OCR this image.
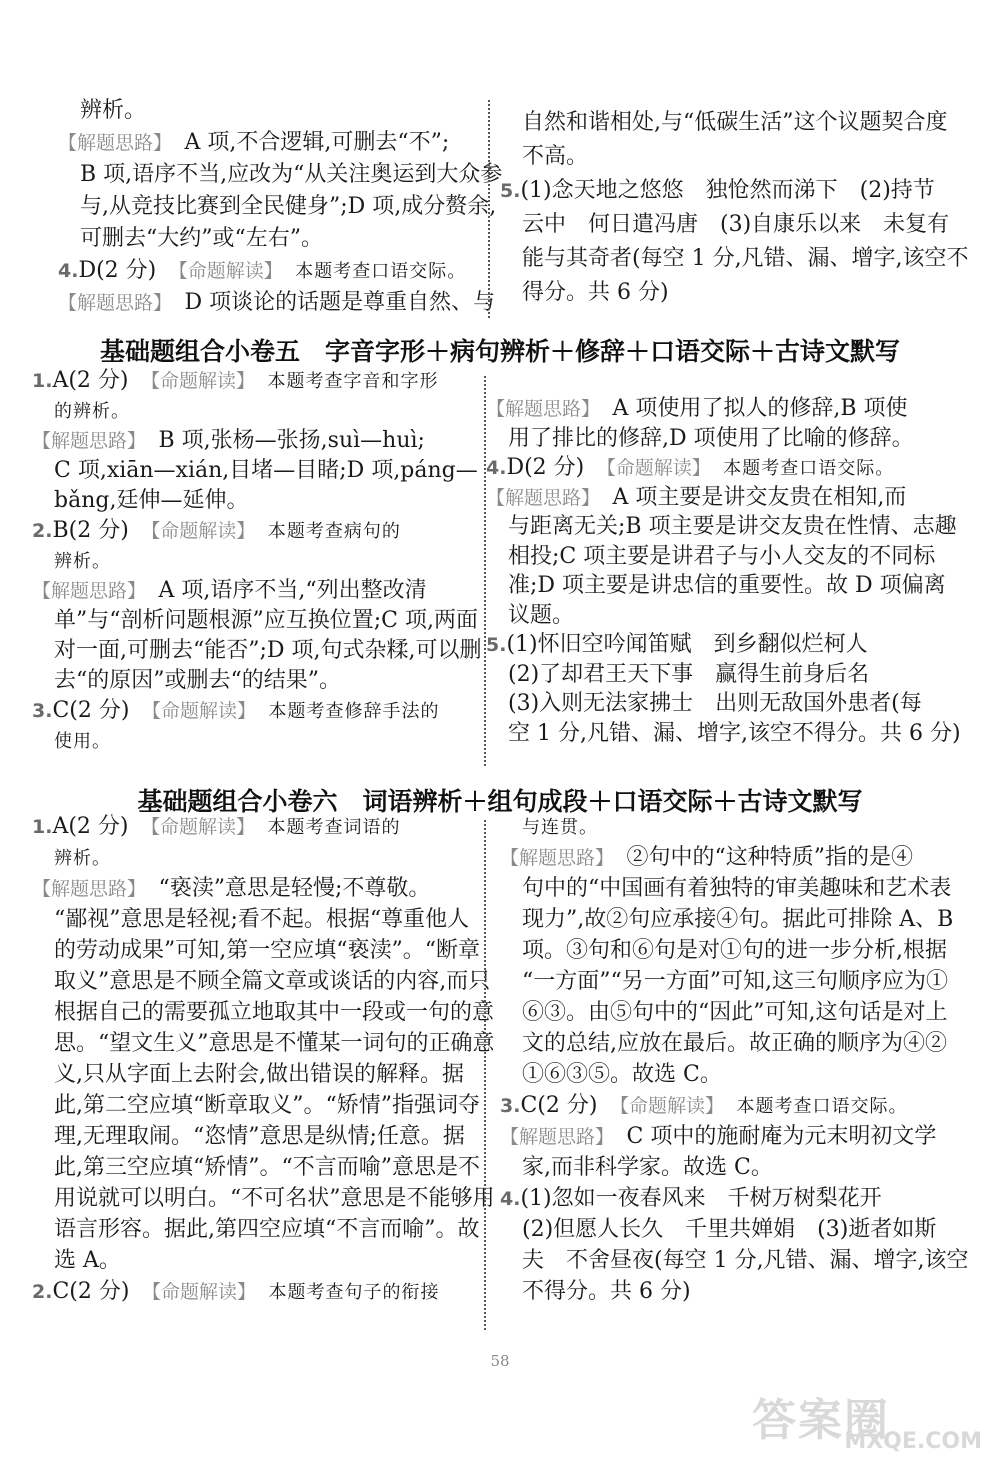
辨析。
【解题思路】　A 项,不合逻辑,可删去“不”;
B 项,语序不当,应改为“从关注奥运到大众参
与,从竞技比赛到全民健身”;D 项,成分赘余,
可删去“大约”或“左右”。
4.D(2 分)　 【命题解读】　 本题考查口语交际。
【解题思路】　D 项谈论的话题是尊重自然、与
自然和谐相处,与“低碳生活”这个议题契合度
不高。
5.(1)念天地之悠悠　独怆然而涕下　(2)持节
云中　何日遣冯唐　(3)自康乐以来　未复有
能与其奇者(每空 1 分,凡错、漏、增字,该空不
得分。共 6 分)
基础题组合小卷五　字音字形＋病句辨析＋修辞＋口语交际＋古诗文默写
1.A(2 分)　 【命题解读】　 本题考查字音和字形
的辨析。
【解题思路】　B 项,张杨—张扬,suì—huì;
C 项,xiān—xián,目堵—目睹;D 项,páng—
bǎng,廷伸—延伸。
2.B(2 分)　 【命题解读】　 本题考查病句的
辨析。
【解题思路】　A 项,语序不当,“列出整改清
单”与“剖析问题根源”应互换位置;C 项,两面
对一面,可删去“能否”;D 项,句式杂糅,可以删
去“的原因”或删去“的结果”。
3.C(2 分)　 【命题解读】　 本题考查修辞手法的
使用。
【解题思路】　A 项使用了拟人的修辞,B 项使
用了排比的修辞,D 项使用了比喻的修辞。
4.D(2 分)　 【命题解读】　 本题考查口语交际。
【解题思路】　A 项主要是讲交友贵在相知,而
与距离无关;B 项主要是讲交友贵在性情、志趣
相投;C 项主要是讲君子与小人交友的不同标
准;D 项主要是讲忠信的重要性。故 D 项偏离
议题。
5.(1)怀旧空吟闻笛赋　到乡翻似烂柯人
(2)了却君王天下事　赢得生前身后名
(3)入则无法家拂士　出则无敌国外患者(每
空 1 分,凡错、漏、增字,该空不得分。共 6 分)
基础题组合小卷六　词语辨析＋组句成段＋口语交际＋古诗文默写
1.A(2 分)　 【命题解读】　 本题考查词语的
辨析。
【解题思路】　“亵渎”意思是轻慢;不尊敬。
“鄙视”意思是轻视;看不起。根据“尊重他人
的劳动成果”可知,第一空应填“亵渎”。“断章
取义”意思是不顾全篇文章或谈话的内容,而只
根据自己的需要孤立地取其中一段或一句的意
思。“望文生义”意思是不懂某一词句的正确意
义,只从字面上去附会,做出错误的解释。据
此,第二空应填“断章取义”。“矫情”指强词夺
理,无理取闹。“恣情”意思是纵情;任意。据
此,第三空应填“矫情”。“不言而喻”意思是不
用说就可以明白。“不可名状”意思是不能够用
语言形容。据此,第四空应填“不言而喻”。故
选 A。
2.C(2 分)　 【命题解读】　 本题考查句子的衔接
与连贯。
【解题思路】　②句中的“这种特质”指的是④
句中的“中国画有着独特的审美趣味和艺术表
现力”,故②句应承接④句。据此可排除 A、B
项。③句和⑥句是对①句的进一步分析,根据
“一方面”“另一方面”可知,这三句顺序应为①
⑥③。由⑤句中的“因此”可知,这句话是对上
文的总结,应放在最后。故正确的顺序为④②
①⑥③⑤。故选 C。
3.C(2 分)　 【命题解读】　 本题考查口语交际。
【解题思路】　C 项中的施耐庵为元末明初文学
家,而非科学家。故选 C。
4.(1)忽如一夜春风来　千树万树梨花开
(2)但愿人长久　千里共婵娟　(3)逝者如斯
夫　不舍昼夜(每空 1 分,凡错、漏、增字,该空
不得分。共 6 分)
58
答案圈
MXQE.COM
